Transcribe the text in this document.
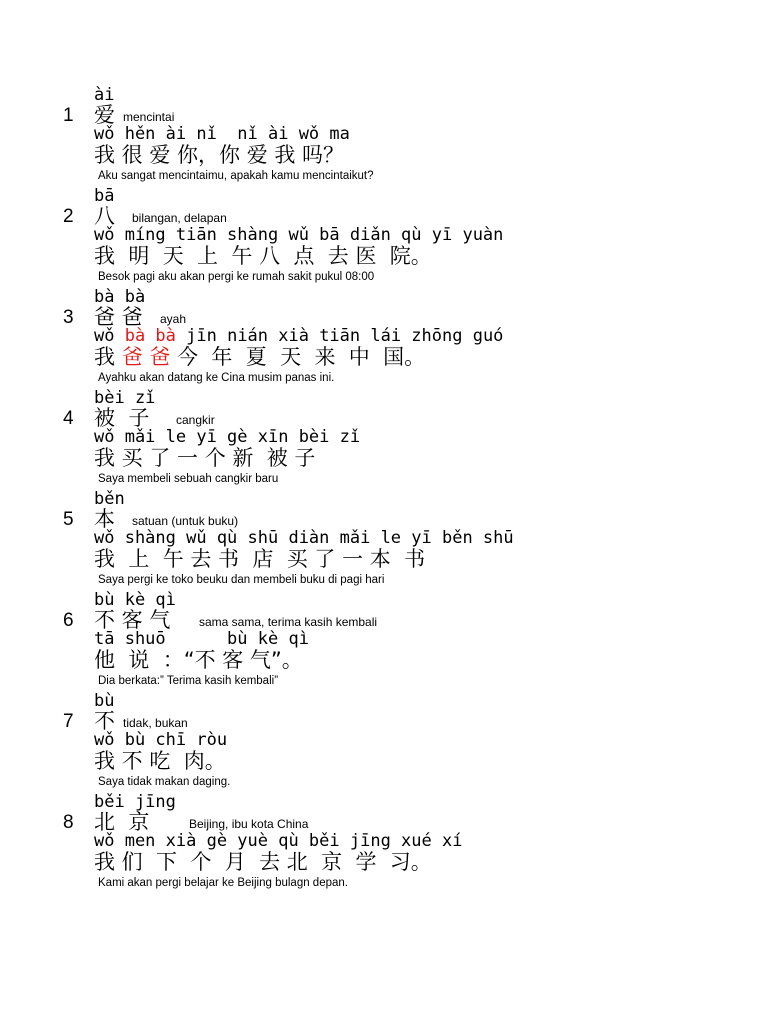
1
ài
爱 mencintai
wǒ hěn ài nǐ  nǐ ài wǒ ma
我 很 爱 你，你 爱 我 吗？
Aku sangat mencintaimu, apakah kamu mencintaikut?
2
bā
八 bilangan, delapan
wǒ míng tiān shàng wǔ bā diǎn qù yī yuàn
我  明  天  上  午 八  点  去 医  院。
Besok pagi aku akan pergi ke rumah sakit pukul 08:00
3
bà bà
爸 爸 ayah
wǒ bà bà jīn nián xià tiān lái zhōng guó
我 爸 爸 今  年  夏  天  来  中  国。
Ayahku akan datang ke Cina musim panas ini.
4
bèi zǐ
被  子 cangkir
wǒ mǎi le yī gè xīn bèi zǐ
我 买 了 一 个 新  被 子
Saya membeli sebuah cangkir baru
5
běn
本 satuan (untuk buku)
wǒ shàng wǔ qù shū diàn mǎi le yī běn shū
我  上  午 去 书  店  买 了 一 本  书
Saya pergi ke toko beuku dan membeli buku di pagi hari
6
bù kè qì
不 客 气 sama sama, terima kasih kembali
tā shuō      bù kè qì
他  说  ：“不 客 气”。
Dia berkata:” Terima kasih kembali”
7
bù
不 tidak, bukan
wǒ bù chī ròu
我 不 吃  肉。
Saya tidak makan daging.
8
běi jīng
北  京	Beijing, ibu kota China
wǒ men xià gè yuè qù běi jīng xué xí
我 们  下  个  月  去 北  京  学  习。
Kami akan pergi belajar ke Beijing bulagn depan.
